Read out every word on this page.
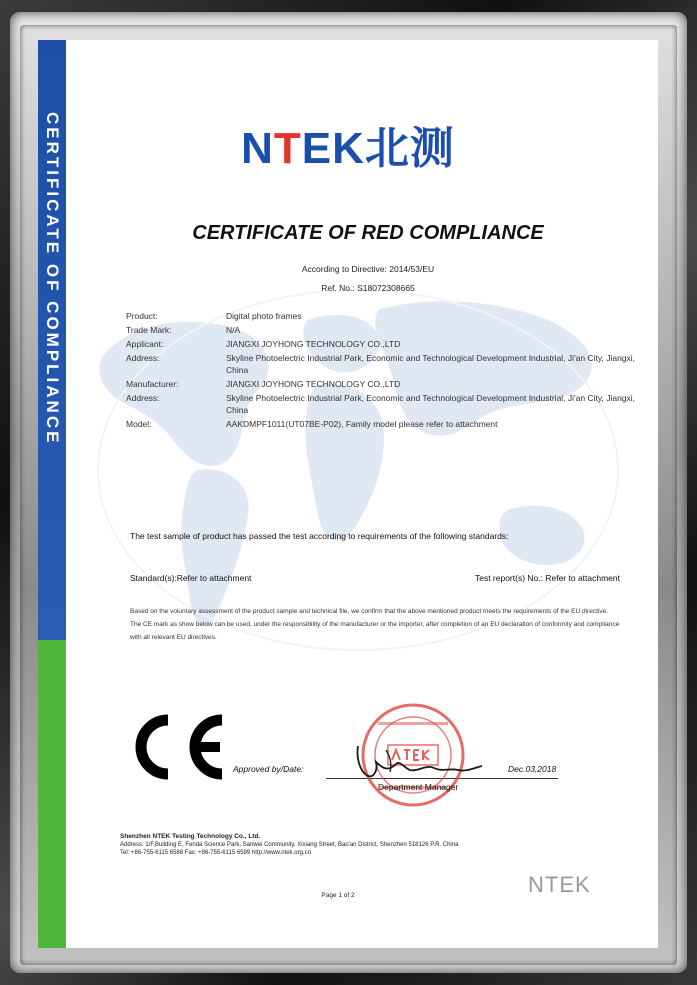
CERTIFICATE OF COMPLIANCE	NTEK北测
CERTIFICATE OF RED COMPLIANCE
According to Directive: 2014/53/EU
Ref. No.: S18072308665
Product:	Digital photo frames
Trade Mark:	N/A
Applicant:	JIANGXI JOYHONG TECHNOLOGY CO.,LTD
Address:	Skyline Photoelectric Industrial Park, Economic and Technological Development Industrial, Ji'an City, Jiangxi, China
Manufacturer:	JIANGXI JOYHONG TECHNOLOGY CO.,LTD
Address:	Skyline Photoelectric Industrial Park, Economic and Technological Development Industrial, Ji'an City, Jiangxi, China
Model:	AAKDMPF1011(UT07BE-P02), Family model please refer to attachment
The test sample of product has passed the test according to requirements of the following standards:
Standard(s):Refer to attachment	Test report(s) No.: Refer to attachment
Based on the voluntary assessment of the product sample and technical file, we confirm that the above mentioned product meets the requirements of the EU directive. The CE mark as show below can be used, under the responsibility of the manufacturer or the importer, after completion of an EU declaration of conformity and compliance with all relevant EU directives.
Approved by/Date:	Dec.03,2018
Department Manager
Shenzhen NTEK Testing Technology Co., Ltd.
Address: 1/F,Building E, Fenda Science Park, Sanwei Community, Xixiang Street, Bao'an District, Shenzhen 518126 P.R. China
Tel: +86-755-6115 6588 Fax: +86-755-6115 6599 http://www.ntek.org.cn
NTEK
Page 1 of 2
